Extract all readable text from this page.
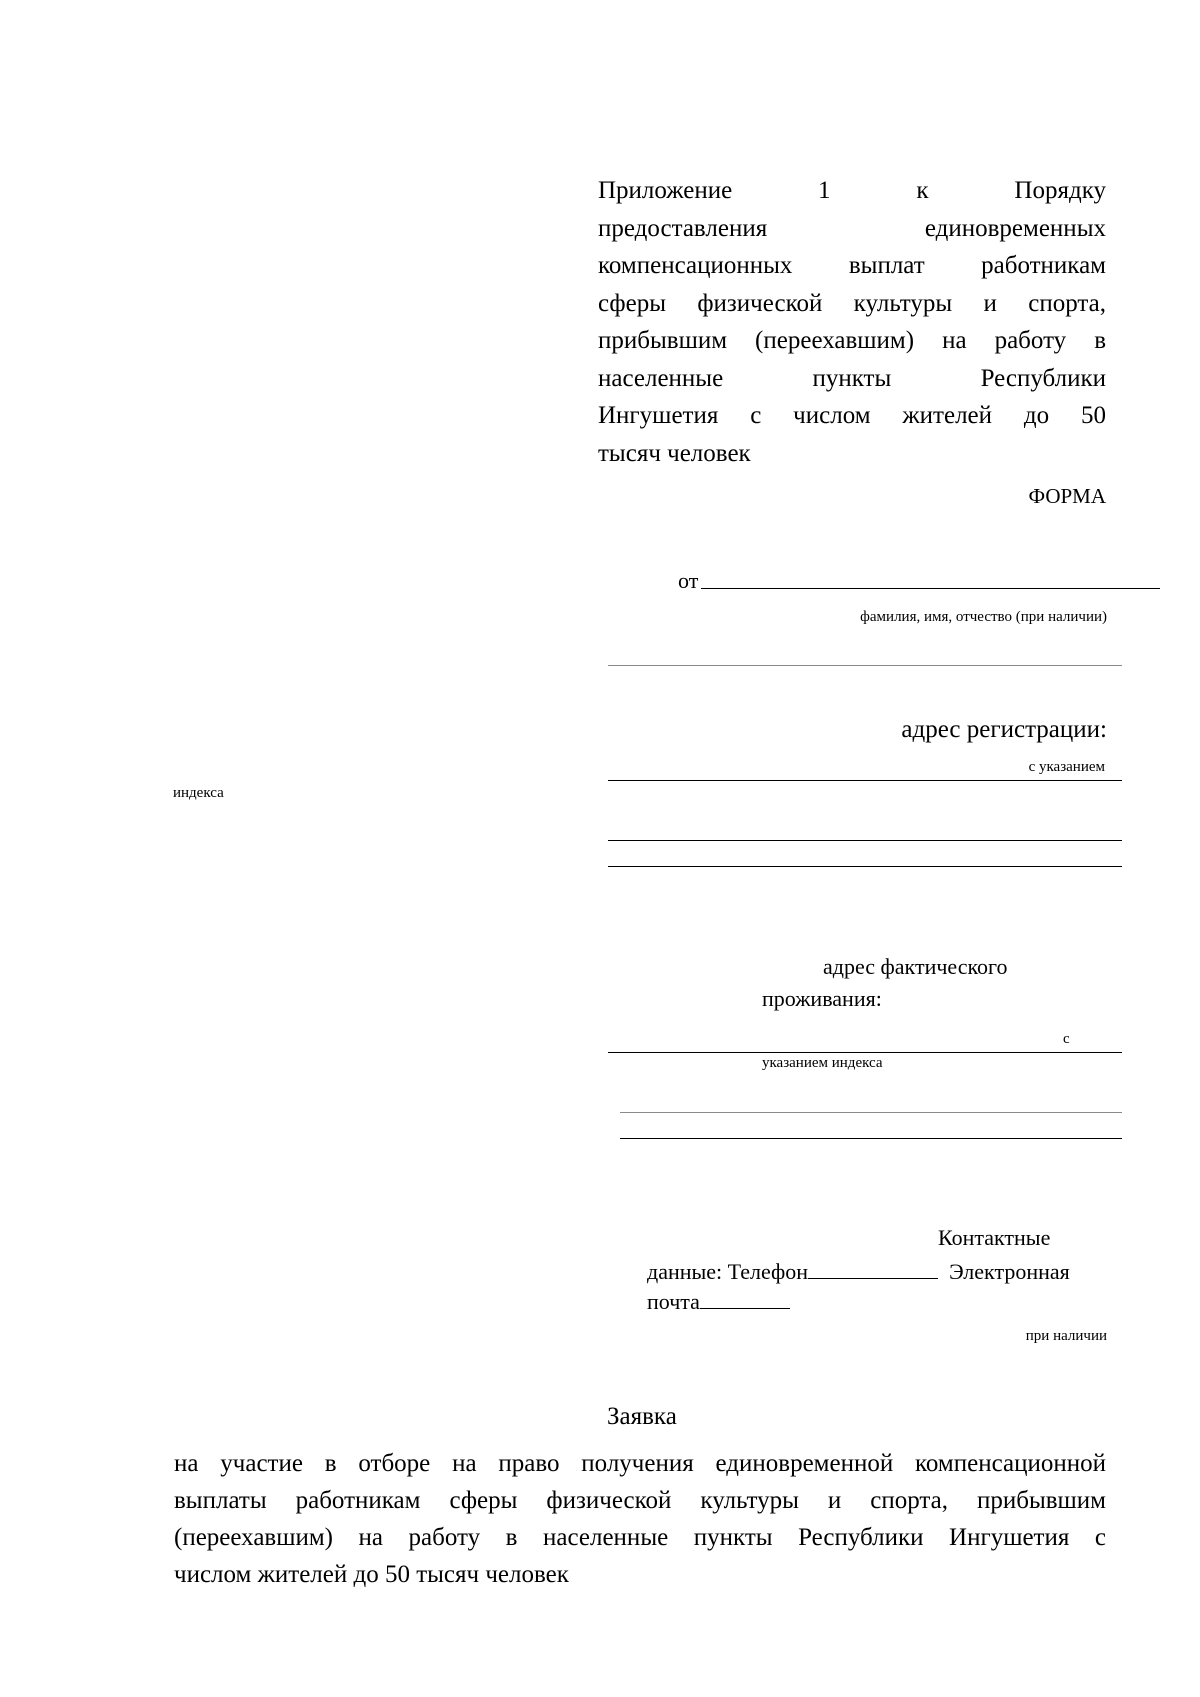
Приложение 1 к Порядку
предоставления единовременных
компенсационных выплат работникам
сферы физической культуры и спорта,
прибывшим (переехавшим) на работу в
населенные пункты Республики
Ингушетия с числом жителей до 50
тысяч человек
ФОРМА
от
фамилия, имя, отчество (при наличии)
адрес регистрации:
с указанием
индекса
адрес фактического
проживания:
с
указанием индекса
Контактные
данные: Телефон	Электронная
почта
при наличии
Заявка
на участие в отборе на право получения единовременной компенсационной
выплаты работникам сферы физической культуры и спорта, прибывшим
(переехавшим) на работу в населенные пункты Республики Ингушетия с
числом жителей до 50 тысяч человек
